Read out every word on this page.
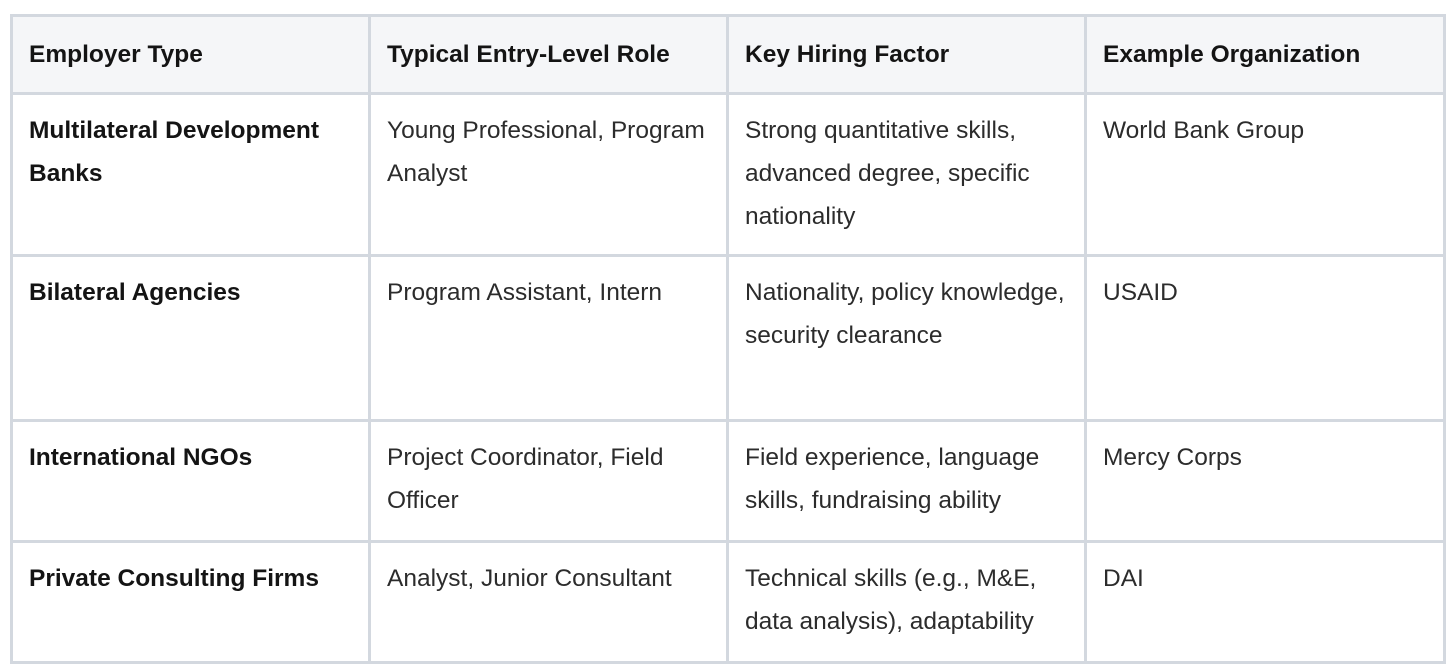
Employer Type	Typical Entry-Level Role	Key Hiring Factor	Example Organization
Multilateral Development Banks	Young Professional, Program Analyst	Strong quantitative skills, advanced degree, specific nationality	World Bank Group
Bilateral Agencies	Program Assistant, Intern	Nationality, policy knowledge, security clearance	USAID
International NGOs	Project Coordinator, Field Officer	Field experience, language skills, fundraising ability	Mercy Corps
Private Consulting Firms	Analyst, Junior Consultant	Technical skills (e.g., M&E, data analysis), adaptability	DAI
